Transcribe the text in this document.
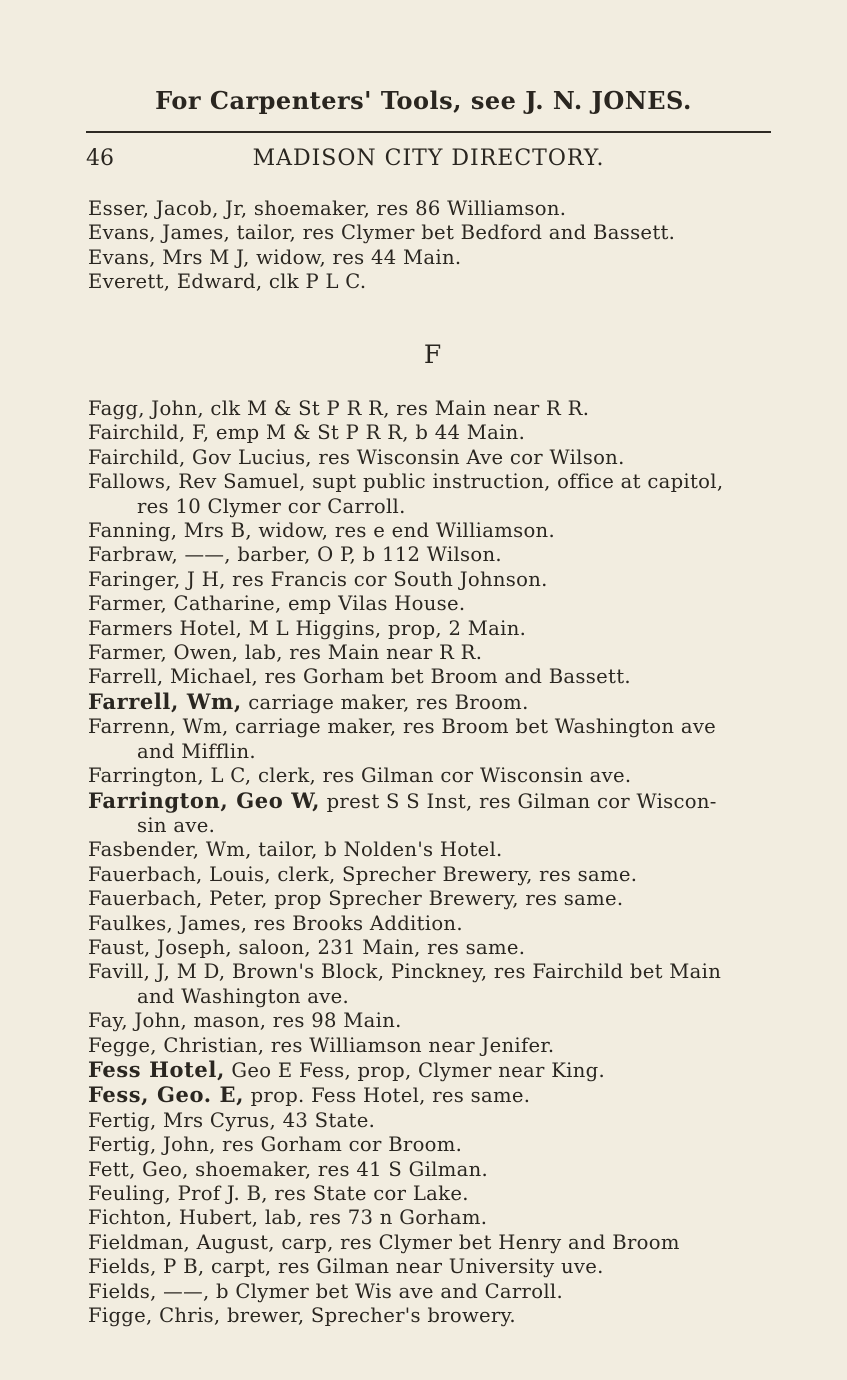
For Carpenters' Tools, see J. N. JONES.
46	MADISON CITY DIRECTORY.
Esser, Jacob, Jr, shoemaker, res 86 Williamson.
Evans, James, tailor, res Clymer bet Bedford and Bassett.
Evans, Mrs M J, widow, res 44 Main.
Everett, Edward, clk P L C.
F
Fagg, John, clk M & St P R R, res Main near R R.
Fairchild, F, emp M & St P R R, b 44 Main.
Fairchild, Gov Lucius, res Wisconsin Ave cor Wilson.
Fallows, Rev Samuel, supt public instruction, office at capitol,
res 10 Clymer cor Carroll.
Fanning, Mrs B, widow, res e end Williamson.
Farbraw, ——, barber, O P, b 112 Wilson.
Faringer, J H, res Francis cor South Johnson.
Farmer, Catharine, emp Vilas House.
Farmers Hotel, M L Higgins, prop, 2 Main.
Farmer, Owen, lab, res Main near R R.
Farrell, Michael, res Gorham bet Broom and Bassett.
Farrell, Wm, carriage maker, res Broom.
Farrenn, Wm, carriage maker, res Broom bet Washington ave
and Mifflin.
Farrington, L C, clerk, res Gilman cor Wisconsin ave.
Farrington, Geo W, prest S S Inst, res Gilman cor Wiscon-
sin ave.
Fasbender, Wm, tailor, b Nolden's Hotel.
Fauerbach, Louis, clerk, Sprecher Brewery, res same.
Fauerbach, Peter, prop Sprecher Brewery, res same.
Faulkes, James, res Brooks Addition.
Faust, Joseph, saloon, 231 Main, res same.
Favill, J, M D, Brown's Block, Pinckney, res Fairchild bet Main
and Washington ave.
Fay, John, mason, res 98 Main.
Fegge, Christian, res Williamson near Jenifer.
Fess Hotel, Geo E Fess, prop, Clymer near King.
Fess, Geo. E, prop. Fess Hotel, res same.
Fertig, Mrs Cyrus, 43 State.
Fertig, John, res Gorham cor Broom.
Fett, Geo, shoemaker, res 41 S Gilman.
Feuling, Prof J. B, res State cor Lake.
Fichton, Hubert, lab, res 73 n Gorham.
Fieldman, August, carp, res Clymer bet Henry and Broom
Fields, P B, carpt, res Gilman near University uve.
Fields, ——, b Clymer bet Wis ave and Carroll.
Figge, Chris, brewer, Sprecher's browery.
